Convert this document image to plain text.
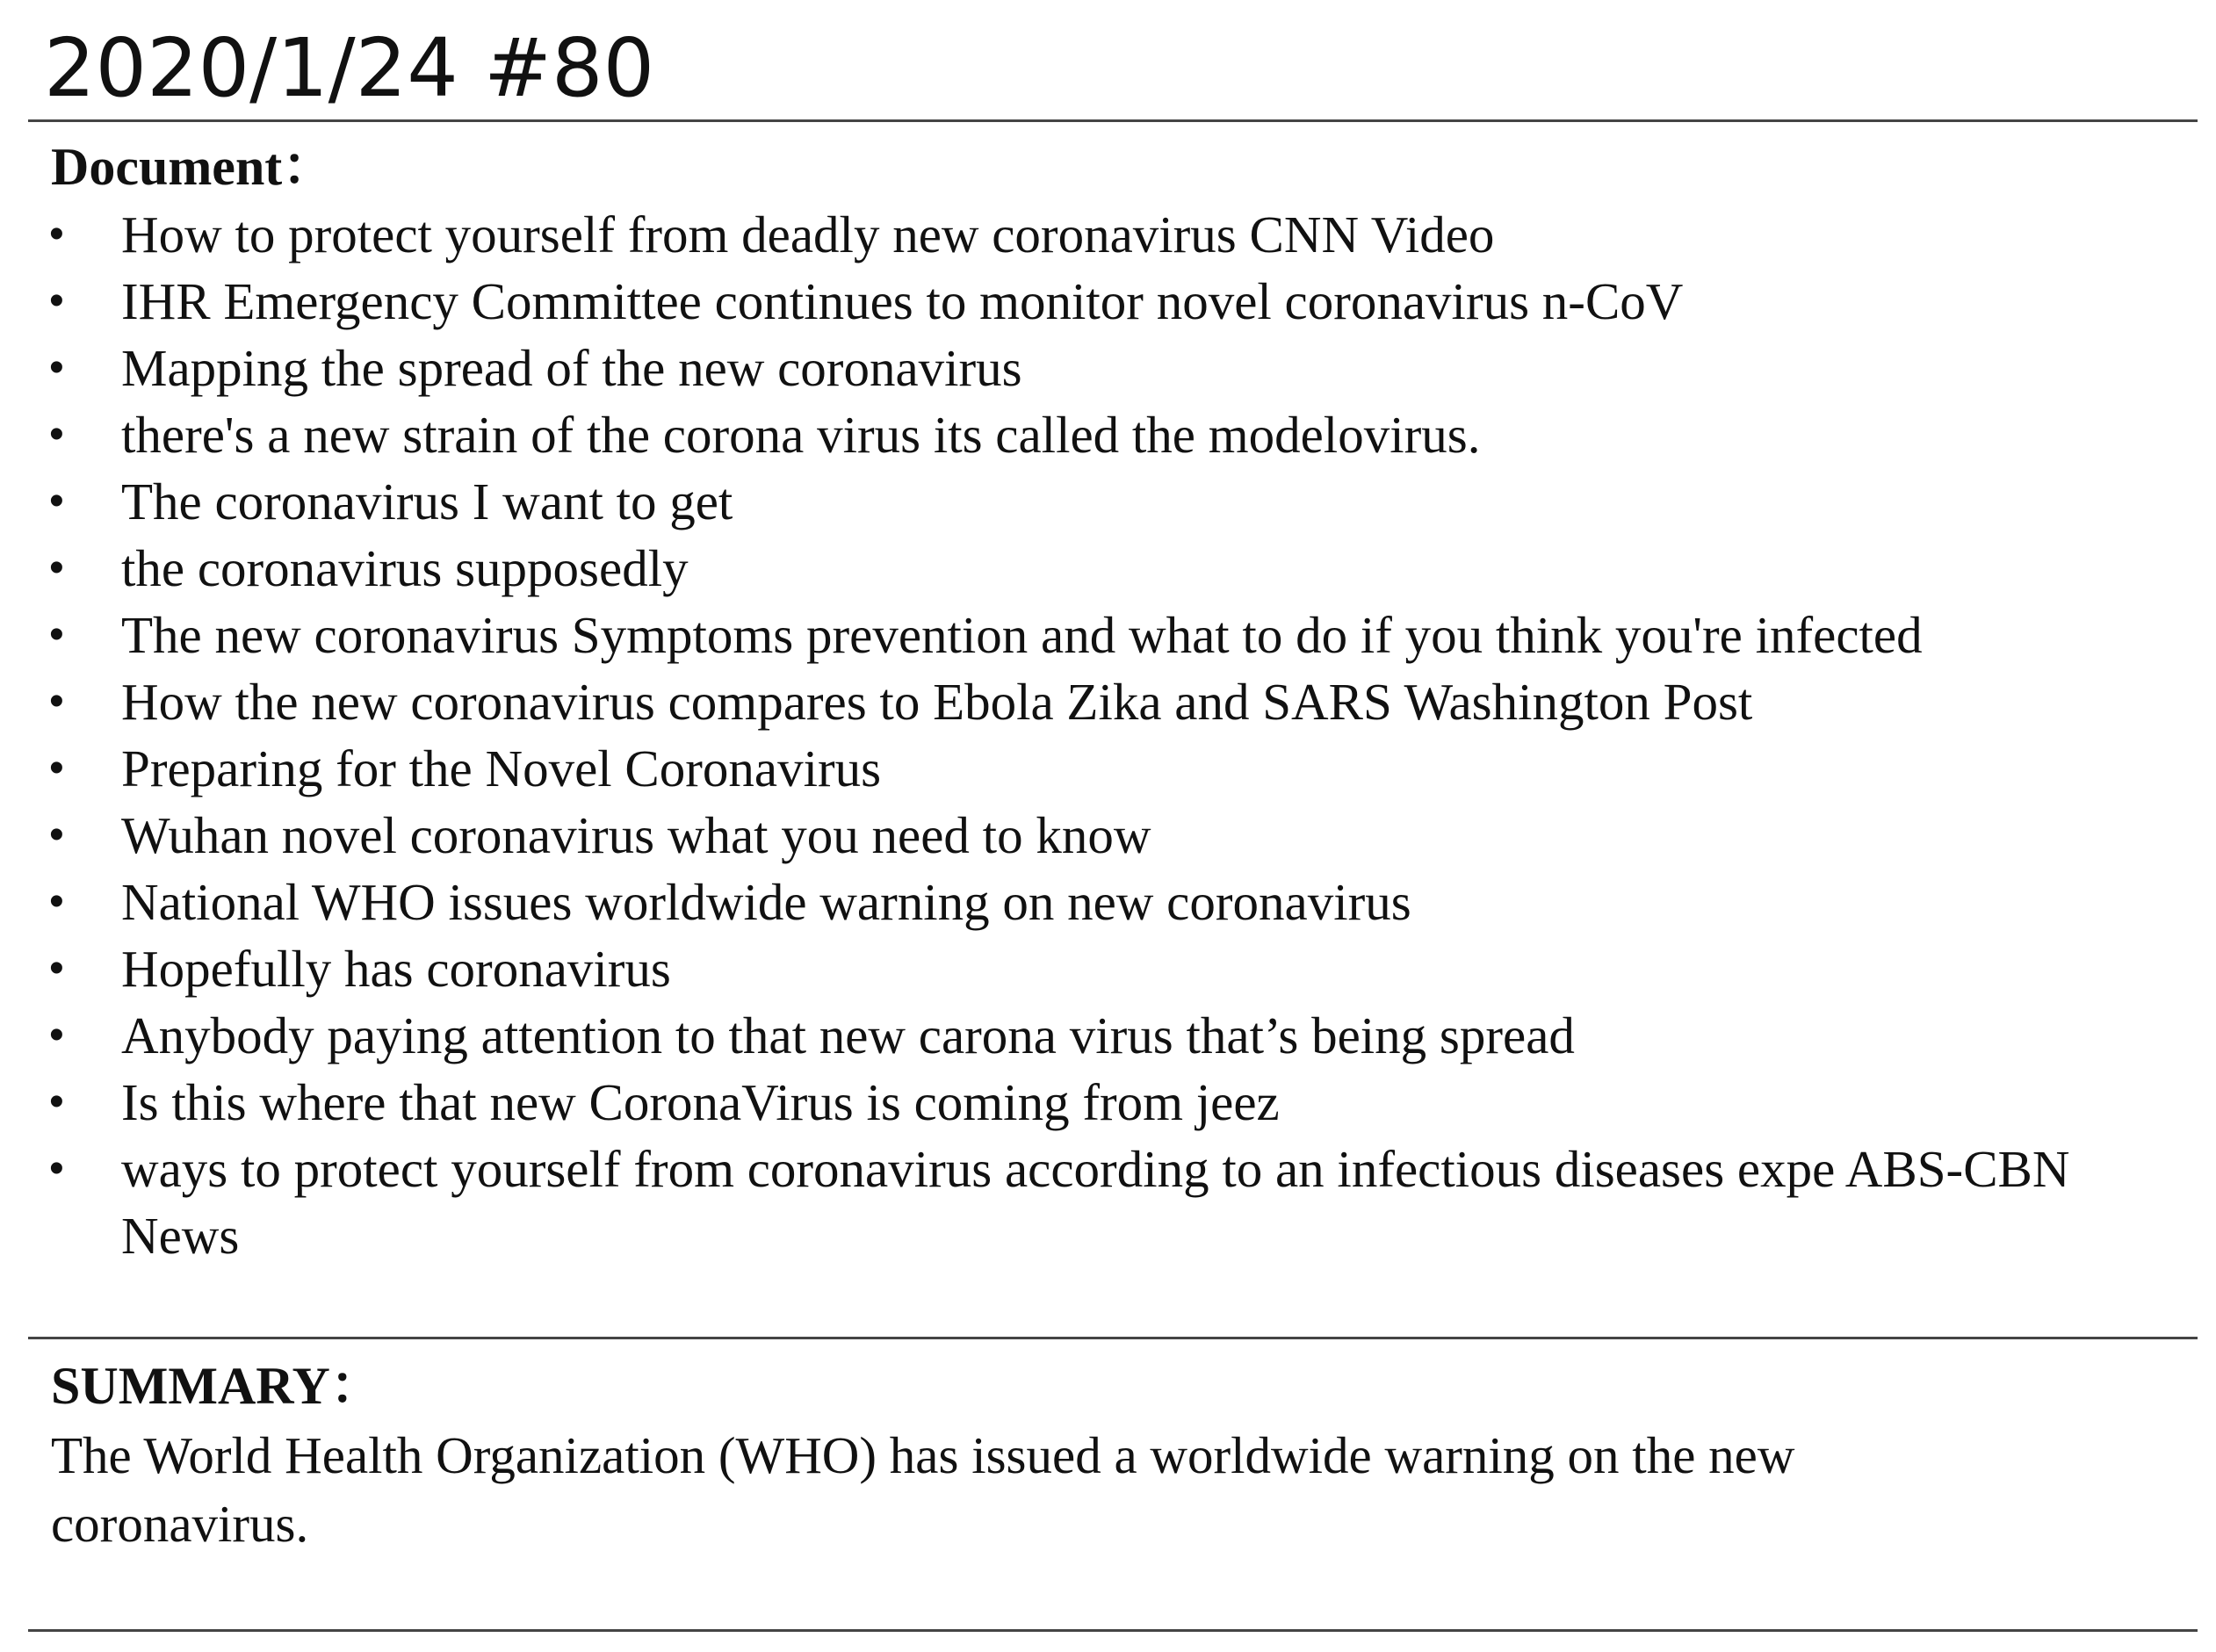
2020/1/24 #80
Document：
• How to protect yourself from deadly new coronavirus CNN Video
• IHR Emergency Committee continues to monitor novel coronavirus n-CoV
• Mapping the spread of the new coronavirus
• there's a new strain of the corona virus its called the modelovirus.
• The coronavirus I want to get
• the coronavirus supposedly
• The new coronavirus Symptoms prevention and what to do if you think you're infected
• How the new coronavirus compares to Ebola Zika and SARS Washington Post
• Preparing for the Novel Coronavirus
• Wuhan novel coronavirus what you need to know
• National WHO issues worldwide warning on new coronavirus
• Hopefully has coronavirus
• Anybody paying attention to that new carona virus that’s being spread
• Is this where that new CoronaVirus is coming from jeez
• ways to protect yourself from coronavirus according to an infectious diseases expe ABS-CBN News
SUMMARY：

The World Health Organization (WHO) has issued a worldwide warning on the new coronavirus.
